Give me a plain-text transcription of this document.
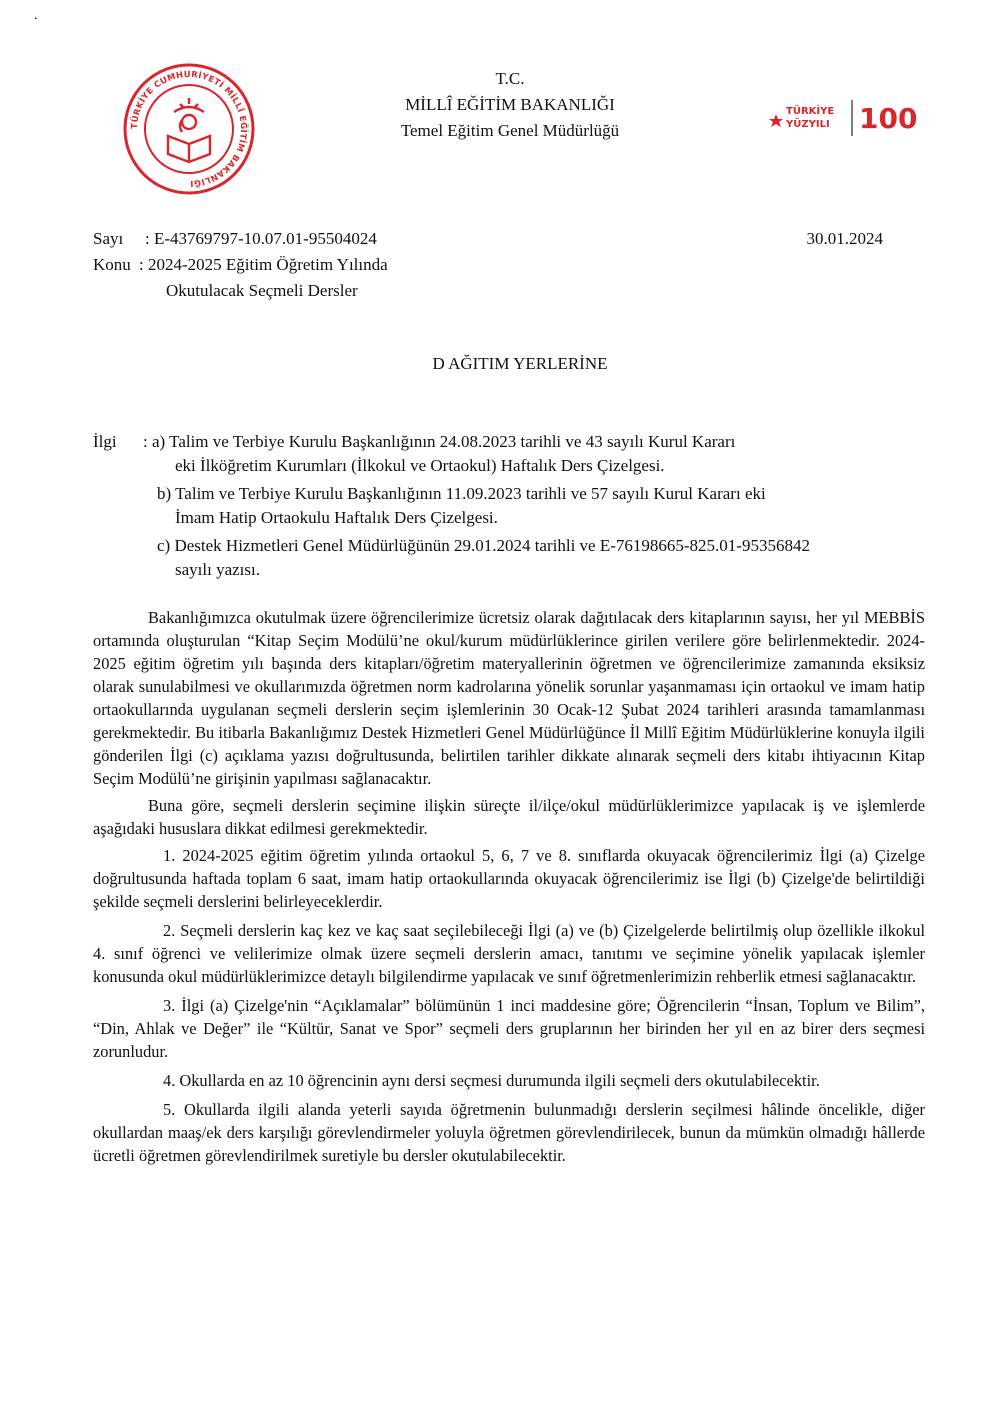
.
TÜRKİYE CUMHURİYETİ MİLLÎ EĞİTİM BAKANLIĞI
TÜRKİYE
YÜZYILI 100
T.C.
MİLLÎ EĞİTİM BAKANLIĞI
Temel Eğitim Genel Müdürlüğü
Sayı : E-43769797-10.07.01-95504024	30.01.2024
Konu : 2024-2025 Eğitim Öğretim Yılında
Okutulacak Seçmeli Dersler
D AĞITIM YERLERİNE
İlgi	: a) Talim ve Terbiye Kurulu Başkanlığının 24.08.2023 tarihli ve 43 sayılı Kurul Kararı
eki İlköğretim Kurumları (İlkokul ve Ortaokul) Haftalık Ders Çizelgesi.
b) Talim ve Terbiye Kurulu Başkanlığının 11.09.2023 tarihli ve 57 sayılı Kurul Kararı eki
İmam Hatip Ortaokulu Haftalık Ders Çizelgesi.
c) Destek Hizmetleri Genel Müdürlüğünün 29.01.2024 tarihli ve E-76198665-825.01-95356842
sayılı yazısı.

Bakanlığımızca okutulmak üzere öğrencilerimize ücretsiz olarak dağıtılacak ders kitaplarının sayısı, her yıl MEBBİS ortamında oluşturulan “Kitap Seçim Modülü’ne okul/kurum müdürlüklerince girilen verilere göre belirlenmektedir. 2024-2025 eğitim öğretim yılı başında ders kitapları/öğretim materyallerinin öğretmen ve öğrencilerimize zamanında eksiksiz olarak sunulabilmesi ve okullarımızda öğretmen norm kadrolarına yönelik sorunlar yaşanmaması için ortaokul ve imam hatip ortaokullarında uygulanan seçmeli derslerin seçim işlemlerinin 30 Ocak-12 Şubat 2024 tarihleri arasında tamamlanması gerekmektedir. Bu itibarla Bakanlığımız Destek Hizmetleri Genel Müdürlüğünce İl Millî Eğitim Müdürlüklerine konuyla ilgili gönderilen İlgi (c) açıklama yazısı doğrultusunda, belirtilen tarihler dikkate alınarak seçmeli ders kitabı ihtiyacının Kitap Seçim Modülü’ne girişinin yapılması sağlanacaktır.

Buna göre, seçmeli derslerin seçimine ilişkin süreçte il/ilçe/okul müdürlüklerimizce yapılacak iş ve işlemlerde aşağıdaki hususlara dikkat edilmesi gerekmektedir.

1. 2024-2025 eğitim öğretim yılında ortaokul 5, 6, 7 ve 8. sınıflarda okuyacak öğrencilerimiz İlgi (a) Çizelge doğrultusunda haftada toplam 6 saat, imam hatip ortaokullarında okuyacak öğrencilerimiz ise İlgi (b) Çizelge'de belirtildiği şekilde seçmeli derslerini belirleyeceklerdir.

2. Seçmeli derslerin kaç kez ve kaç saat seçilebileceği İlgi (a) ve (b) Çizelgelerde belirtilmiş olup özellikle ilkokul 4. sınıf öğrenci ve velilerimize olmak üzere seçmeli derslerin amacı, tanıtımı ve seçimine yönelik yapılacak işlemler konusunda okul müdürlüklerimizce detaylı bilgilendirme yapılacak ve sınıf öğretmenlerimizin rehberlik etmesi sağlanacaktır.

3. İlgi (a) Çizelge'nin “Açıklamalar” bölümünün 1 inci maddesine göre; Öğrencilerin “İnsan, Toplum ve Bilim”, “Din, Ahlak ve Değer” ile “Kültür, Sanat ve Spor” seçmeli ders gruplarının her birinden her yıl en az birer ders seçmesi zorunludur.

4. Okullarda en az 10 öğrencinin aynı dersi seçmesi durumunda ilgili seçmeli ders okutulabilecektir.

5. Okullarda ilgili alanda yeterli sayıda öğretmenin bulunmadığı derslerin seçilmesi hâlinde öncelikle, diğer okullardan maaş/ek ders karşılığı görevlendirmeler yoluyla öğretmen görevlendirilecek, bunun da mümkün olmadığı hâllerde ücretli öğretmen görevlendirilmek suretiyle bu dersler okutulabilecektir.
